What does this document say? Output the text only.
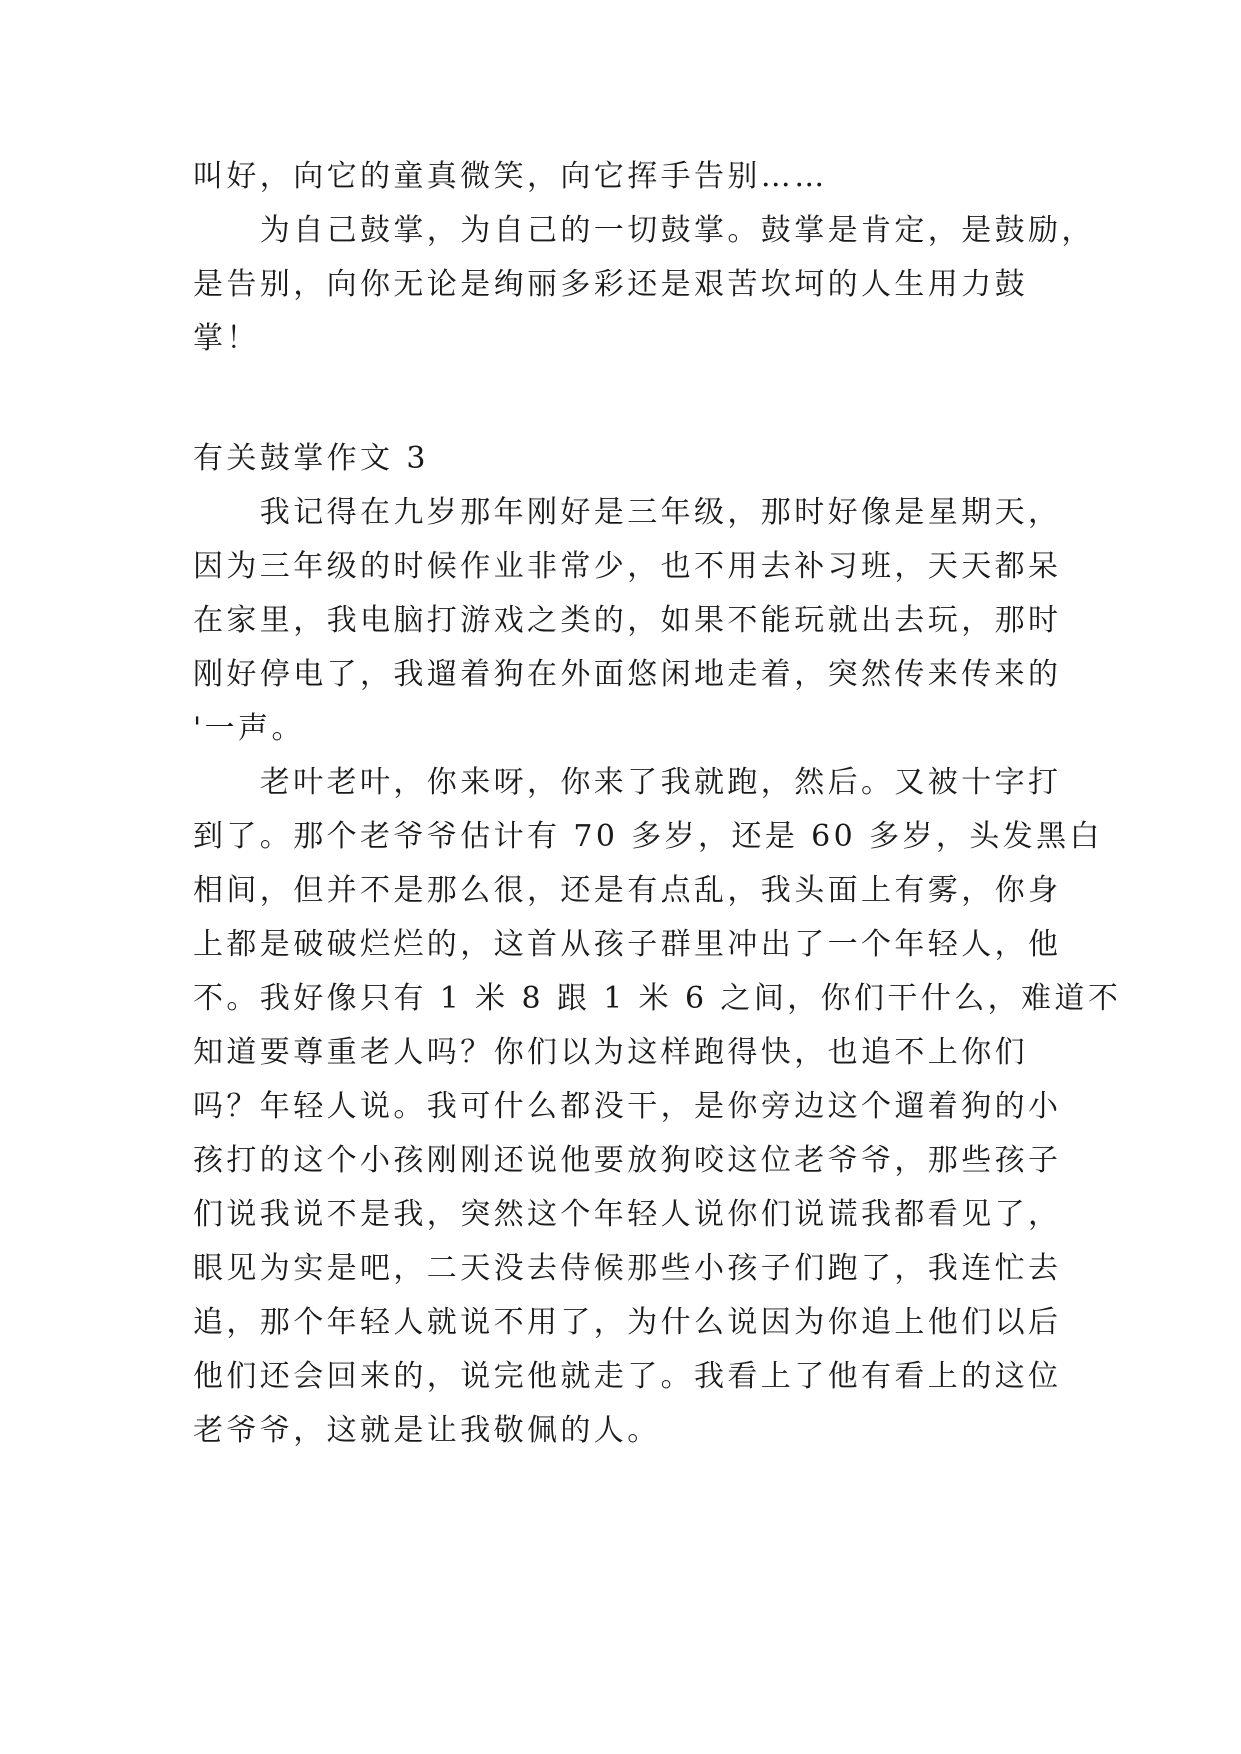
叫好，向它的童真微笑，向它挥手告别……
　　为自己鼓掌，为自己的一切鼓掌。鼓掌是肯定，是鼓励，
是告别，向你无论是绚丽多彩还是艰苦坎坷的人生用力鼓
掌！
有关鼓掌作文 3
　　我记得在九岁那年刚好是三年级，那时好像是星期天，
因为三年级的时候作业非常少，也不用去补习班，天天都呆
在家里，我电脑打游戏之类的，如果不能玩就出去玩，那时
刚好停电了，我遛着狗在外面悠闲地走着，突然传来传来的
'一声。
　　老叶老叶，你来呀，你来了我就跑，然后。又被十字打
到了。那个老爷爷估计有 70 多岁，还是 60 多岁，头发黑白
相间，但并不是那么很，还是有点乱，我头面上有雾，你身
上都是破破烂烂的，这首从孩子群里冲出了一个年轻人，他
不。我好像只有 1 米 8 跟 1 米 6 之间，你们干什么，难道不
知道要尊重老人吗？你们以为这样跑得快，也追不上你们
吗？年轻人说。我可什么都没干，是你旁边这个遛着狗的小
孩打的这个小孩刚刚还说他要放狗咬这位老爷爷，那些孩子
们说我说不是我，突然这个年轻人说你们说谎我都看见了，
眼见为实是吧，二天没去侍候那些小孩子们跑了，我连忙去
追，那个年轻人就说不用了，为什么说因为你追上他们以后
他们还会回来的，说完他就走了。我看上了他有看上的这位
老爷爷，这就是让我敬佩的人。
